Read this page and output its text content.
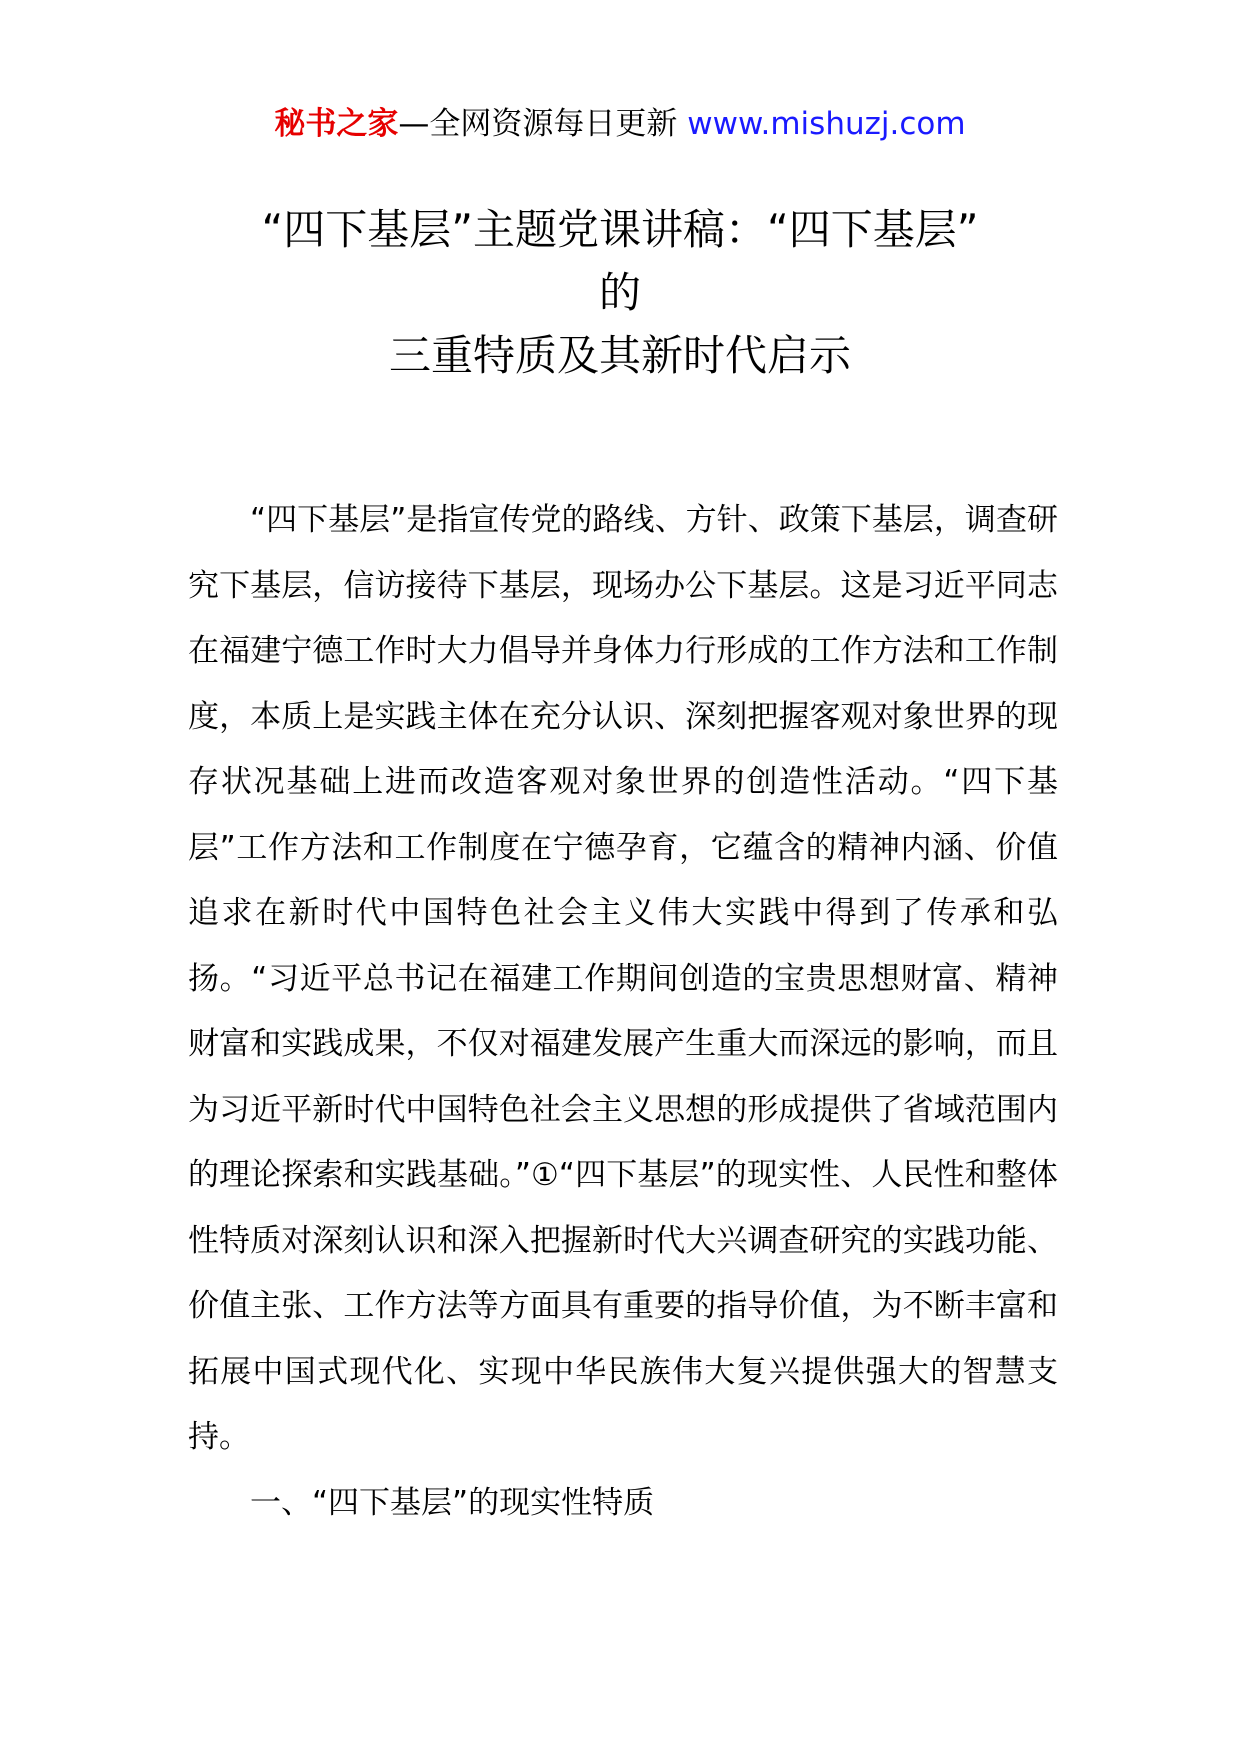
秘书之家—全网资源每日更新 www.mishuzj.com
“四下基层”主题党课讲稿：“四下基层”
的
三重特质及其新时代启示

“四下基层”是指宣传党的路线、方针、政策下基层，调查研究下基层，信访接待下基层，现场办公下基层。这是习近平同志在福建宁德工作时大力倡导并身体力行形成的工作方法和工作制度，本质上是实践主体在充分认识、深刻把握客观对象世界的现存状况基础上进而改造客观对象世界的创造性活动。“四下基层”工作方法和工作制度在宁德孕育，它蕴含的精神内涵、价值追求在新时代中国特色社会主义伟大实践中得到了传承和弘扬。“习近平总书记在福建工作期间创造的宝贵思想财富、精神财富和实践成果，不仅对福建发展产生重大而深远的影响，而且为习近平新时代中国特色社会主义思想的形成提供了省域范围内的理论探索和实践基础。”①“四下基层”的现实性、人民性和整体性特质对深刻认识和深入把握新时代大兴调查研究的实践功能、价值主张、工作方法等方面具有重要的指导价值，为不断丰富和拓展中国式现代化、实现中华民族伟大复兴提供强大的智慧支持。

一、“四下基层”的现实性特质
